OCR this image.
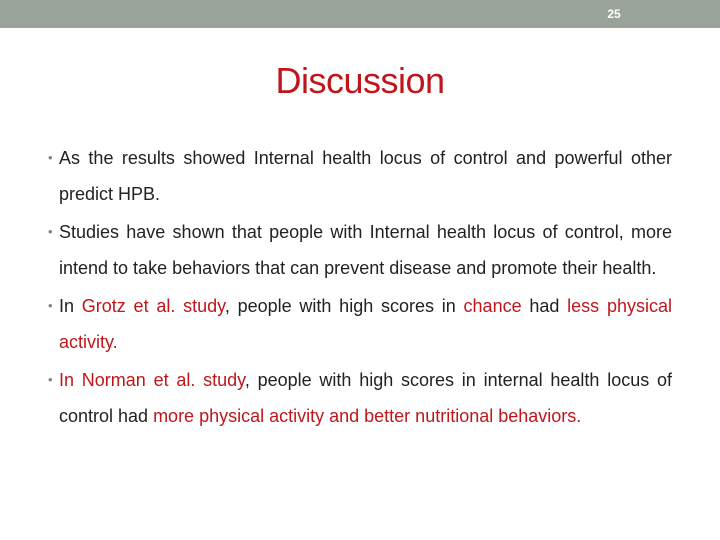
25
Discussion
• As the results showed Internal health locus of control and powerful other predict HPB.
• Studies have shown that people with Internal health locus of control, more intend to take behaviors that can prevent disease and promote their health.
• In Grotz et al. study, people with high scores in chance had less physical activity.
• In Norman et al. study, people with high scores in internal health locus of control had more physical activity and better nutritional behaviors.
